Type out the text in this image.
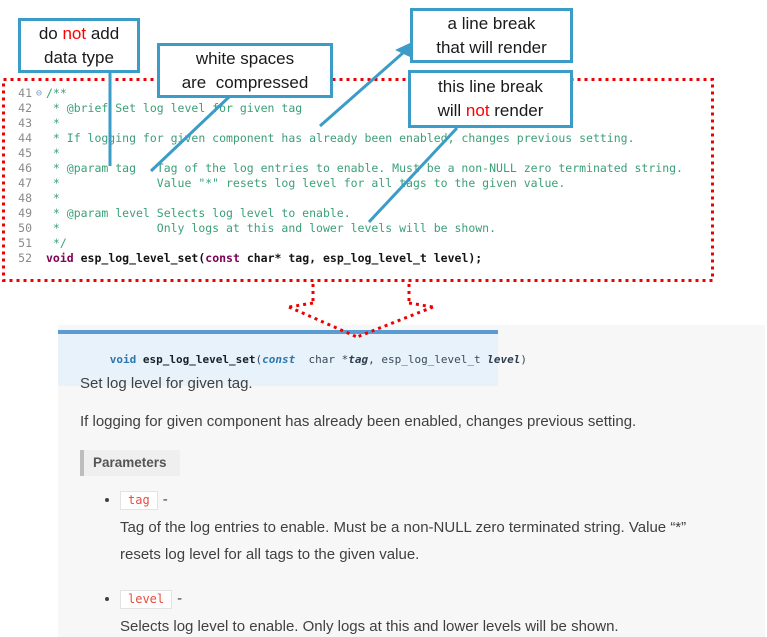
41 ⊖ /**
42 * @brief Set log level for given tag
43 *
44 * If logging for given component has already been enabled, changes previous setting.
45 *
46 * @param tag   Tag of the log entries to enable. Must be a non-NULL zero terminated string.
47 *              Value "*" resets log level for all tags to the given value.
48 *
49 * @param level Selects log level to enable.
50 *              Only logs at this and lower levels will be shown.
51 */
52 void esp_log_level_set(const char* tag, esp_log_level_t level);

void esp_log_level_set(const  char *tag, esp_log_level_t level)

Set log level for given tag.

If logging for given component has already been enabled, changes previous setting.

Parameters
• tag -
Tag of the log entries to enable. Must be a non-NULL zero terminated string. Value “*” resets log level for all tags to the given value.
• level -
Selects log level to enable. Only logs at this and lower levels will be shown.
do not add
data type	white spaces
are  compressed
a line break
that will render
this line break
will not render
